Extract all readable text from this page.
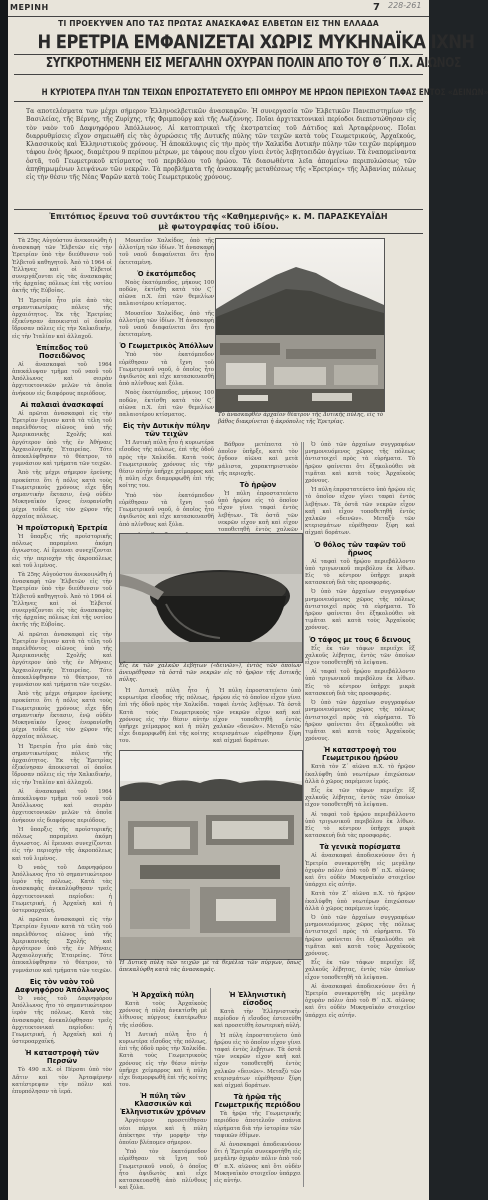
ΜΕΡΙΝΗ	7 228-261
ΤΙ ΠΡΟΕΚΥΨΕΝ ΑΠΟ ΤΑΣ ΠΡΩΤΑΣ ΑΝΑΣΚΑΦΑΣ ΕΛΒΕΤΩΝ ΕΙΣ ΤΗΝ ΕΛΛΑΔΑ
Η ΕΡΕΤΡΙΑ ΕΜΦΑΝΙΖΕΤΑΙ ΧΩΡΙΣ ΜΥΚΗΝΑΪΚΑ ΙΧΝΗ
ΣΥΓΚΡΟΤΗΜΕΝΗ ΕΙΣ ΜΕΓΑΛΗΝ ΟΧΥΡΑΝ ΠΟΛΙΝ ΑΠΟ ΤΟΥ Θ΄ Π.Χ. ΑΙΩΝΟΣ
Η ΚΥΡΙΟΤΕΡΑ ΠΥΛΗ ΤΩΝ ΤΕΙΧΩΝ ΕΠΡΟΣΤΑΤΕΥΕΤΟ ΕΠΙ ΟΜΗΡΟΥ ΜΕ ΗΡΩΟΝ ΠΕΡΙΕΧΟΝ ΤΑΦΑΣ ΕΝΤΟΣ «ΔΕΙΝΩΝ»
Τα αποτελέσματα των μέχρι σήμερον Ἑλληνοελβετικῶν ἀνασκαφῶν. Ἡ συνεργασία τῶν Ἑλβετικῶν Πανεπιστημίων τῆς Βασιλείας, τῆς Βέρνης, τῆς Ζυρίχης, τῆς Φριμπούργ καὶ τῆς Λωζάννης. Ποῖαι ἀρχιτεκτονικαὶ περίοδοι διεπιστώθησαν εἰς τὸν ναὸν τοῦ Δαφνηφόρου Ἀπόλλωνος. Αἱ κατοπτρικαὶ τῆς ἐκστρατείας τοῦ Δάτιδος καὶ Ἀρταφέρνους. Ποῖαι διαρρυθμίσεις εἴχον σημειωθῆ εἰς τὰς ὀχυρώσεις τῆς Δυτικῆς πύλης τῶν τειχῶν κατὰ τοὺς Γεωμετρικούς, Ἀρχαϊκούς, Κλασσικοὺς καὶ Ἑλληνιστικοὺς χρόνους. Ἡ ἀποκάλυψις εἰς τὴν πρὸς τὴν Χαλκίδα Δυτικὴν πύλην τῶν τειχῶν περίφημου τάφου ἐνὸς ἥρωος, διαμέτρου 9 περίπου μέτρων, με τάφους που εἶχον γίνει ἐντὸς λεβητοειδῶν ἀγγείων. Τὰ ἐναπομείναντα ὀστᾶ, τοῦ Γεωμετρικοῦ κτίσματος τοῦ περιβόλου τοῦ ἡρώου. Τὰ διασωθέντα λεῖα ἀπομείνω περιπυλώσεως τῶν ἀπηθημωμένων λειψάνων τῶν νεκρῶν. Τὰ προβλήματα τῆς ἀνασκαφῆς μεταθέσεως τῆς «Ἐρετρίας» τῆς Ἀλβανίας πόλεως εἰς τὴν θέσιν τῆς Νέας Ψαρῶν κατὰ τοὺς Γεωμετρικοὺς χρόνους.
Ἐπιτόπιος ἔρευνα τοῦ συντάκτου τῆς «Καθημερινῆς» κ. Μ. ΠΑΡΑΣΚΕΥΑΪΔΗ
μὲ φωτογραφίας τοῦ ἰδίου.

Τὰ 25ης Αὐγούστου ἀνεκοινώθη ἡ ἀνασκαφὴ τῶν Ἐλβετῶν εἰς τὴν Ἐρετρίαν ὑπὸ τὴν διεύθυνσιν τοῦ Ἑλβετοῦ καθηγητοῦ. Ἀπὸ τὸ 1964 οἱ Ἕλληνες καὶ οἱ Ἐλβετοί συνεργάζονται εἰς τὰς ἀνασκαφὰς τῆς ἀρχαίας πόλεως ἐπὶ τῆς νοτίου ἀκτῆς τῆς Εὐβοίας.

Ἡ Ἐρετρία ἦτο μία ἀπὸ τὰς σημαντικωτέρας πόλεις τῆς ἀρχαιότητος. Ἐκ τῆς Ἐρετρίας ἐξεκίνησαν ἀποικισταὶ οἱ ὁποῖοι ἵδρυσαν πόλεις εἰς τὴν Χαλκιδικήν, εἰς τὴν Ἰταλίαν καὶ ἀλλαχοῦ.

Ἐπίπεδος τοῦ Ποσειδῶνος

Αἱ ἀνασκαφαὶ τοῦ 1964 ἀπεκάλυψαν τμῆμα τοῦ ναοῦ τοῦ Ἀπόλλωνος καὶ σειρὰν ἀρχιτεκτονικῶν μελῶν τὰ ὁποῖα ἀνήκουν εἰς διαφόρους περιόδους.

Αἱ παλαιαὶ ἀνασκαφαί

Αἱ πρῶται ἀνασκαφαὶ εἰς τὴν Ἐρετρίαν ἔγιναν κατὰ τὰ τέλη τοῦ παρελθόντος αἰῶνος ὑπὸ τῆς Ἀμερικανικῆς Σχολῆς καὶ ἀργότερον ὑπὸ τῆς ἐν Ἀθήναις Ἀρχαιολογικῆς Ἑταιρείας. Τότε ἀπεκαλύφθησαν τὸ θέατρον, τὸ γυμνάσιον καὶ τμήματα τῶν τειχῶν.

Ἀπὸ τῆς μέχρι σήμερον ἐρεύνης προκύπτει ὅτι ἡ πόλις κατὰ τοὺς Γεωμετρικοὺς χρόνους εἶχε ἤδη σημαντικὴν ἔκτασιν, ἐνῷ οὐδὲν Μυκηναϊκὸν ἴχνος ἐνεφανίσθη μέχρι τοῦδε εἰς τὸν χῶρον τῆς ἀρχαίας πόλεως.

Ἡ προϊστορικὴ Ἐρετρία

Ἡ ὕπαρξις τῆς προϊστορικῆς πόλεως παραμένει ἀκόμη ἄγνωστος. Αἱ ἔρευναι συνεχίζονται εἰς τὴν περιοχὴν τῆς ἀκροπόλεως καὶ τοῦ λιμένος.

Τὰ 25ης Αὐγούστου ἀνεκοινώθη ἡ ἀνασκαφὴ τῶν Ἐλβετῶν εἰς τὴν Ἐρετρίαν ὑπὸ τὴν διεύθυνσιν τοῦ Ἑλβετοῦ καθηγητοῦ. Ἀπὸ τὸ 1964 οἱ Ἕλληνες καὶ οἱ Ἐλβετοί συνεργάζονται εἰς τὰς ἀνασκαφὰς τῆς ἀρχαίας πόλεως ἐπὶ τῆς νοτίου ἀκτῆς τῆς Εὐβοίας.

Αἱ πρῶται ἀνασκαφαὶ εἰς τὴν Ἐρετρίαν ἔγιναν κατὰ τὰ τέλη τοῦ παρελθόντος αἰῶνος ὑπὸ τῆς Ἀμερικανικῆς Σχολῆς καὶ ἀργότερον ὑπὸ τῆς ἐν Ἀθήναις Ἀρχαιολογικῆς Ἑταιρείας. Τότε ἀπεκαλύφθησαν τὸ θέατρον, τὸ γυμνάσιον καὶ τμήματα τῶν τειχῶν.

Ἀπὸ τῆς μέχρι σήμερον ἐρεύνης προκύπτει ὅτι ἡ πόλις κατὰ τοὺς Γεωμετρικοὺς χρόνους εἶχε ἤδη σημαντικὴν ἔκτασιν, ἐνῷ οὐδὲν Μυκηναϊκὸν ἴχνος ἐνεφανίσθη μέχρι τοῦδε εἰς τὸν χῶρον τῆς ἀρχαίας πόλεως.

Ἡ Ἐρετρία ἦτο μία ἀπὸ τὰς σημαντικωτέρας πόλεις τῆς ἀρχαιότητος. Ἐκ τῆς Ἐρετρίας ἐξεκίνησαν ἀποικισταὶ οἱ ὁποῖοι ἵδρυσαν πόλεις εἰς τὴν Χαλκιδικήν, εἰς τὴν Ἰταλίαν καὶ ἀλλαχοῦ.

Αἱ ἀνασκαφαὶ τοῦ 1964 ἀπεκάλυψαν τμῆμα τοῦ ναοῦ τοῦ Ἀπόλλωνος καὶ σειρὰν ἀρχιτεκτονικῶν μελῶν τὰ ὁποῖα ἀνήκουν εἰς διαφόρους περιόδους.

Ἡ ὕπαρξις τῆς προϊστορικῆς πόλεως παραμένει ἀκόμη ἄγνωστος. Αἱ ἔρευναι συνεχίζονται εἰς τὴν περιοχὴν τῆς ἀκροπόλεως καὶ τοῦ λιμένος.

Ὁ ναὸς τοῦ Δαφνηφόρου Ἀπόλλωνος ἦτο τὸ σημαντικώτερον ἱερὸν τῆς πόλεως. Κατὰ τὰς ἀνασκαφὰς ἀνεκαλύφθησαν τρεῖς ἀρχιτεκτονικαὶ περίοδοι: ἡ Γεωμετρική, ἡ Ἀρχαϊκὴ καὶ ἡ ὑστεροαρχαϊκή.

Αἱ πρῶται ἀνασκαφαὶ εἰς τὴν Ἐρετρίαν ἔγιναν κατὰ τὰ τέλη τοῦ παρελθόντος αἰῶνος ὑπὸ τῆς Ἀμερικανικῆς Σχολῆς καὶ ἀργότερον ὑπὸ τῆς ἐν Ἀθήναις Ἀρχαιολογικῆς Ἑταιρείας. Τότε ἀπεκαλύφθησαν τὸ θέατρον, τὸ γυμνάσιον καὶ τμήματα τῶν τειχῶν.

Εἰς τὸν ναὸν τοῦ Δαφνηφόρου Ἀπόλλωνος

Ὁ ναὸς τοῦ Δαφνηφόρου Ἀπόλλωνος ἦτο τὸ σημαντικώτερον ἱερὸν τῆς πόλεως. Κατὰ τὰς ἀνασκαφὰς ἀνεκαλύφθησαν τρεῖς ἀρχιτεκτονικαὶ περίοδοι: ἡ Γεωμετρική, ἡ Ἀρχαϊκὴ καὶ ἡ ὑστεροαρχαϊκή.

Ἡ καταστροφὴ τῶν Περσῶν

Τὸ 490 π.Χ. οἱ Πέρσαι ὑπὸ τὸν Δᾶτιν καὶ τὸν Ἀρταφέρνην κατέστρεψαν τὴν πόλιν καὶ ἐπυρπόλησαν τὰ ἱερά.

Μουσεῖον Χαλκίδος, ὁπὸ τῆς ἀλλοτίμη τῶν ἰδίων. Ἡ ἀνασκαφὴ τοῦ ναοῦ διαφαίνεται ὅτι ἦτο ἐκτεταμένη.

Ὁ ἑκατόμπεδος

Ναὸς ἑκατόμπεδος, μήκους 100 ποδῶν, ἐκτίσθη κατὰ τὸν Ϛ΄ αἰῶνα π.Χ. ἐπὶ τῶν θεμελίων παλαιοτέρου κτίσματος.

Μουσεῖον Χαλκίδος, ὁπὸ τῆς ἀλλοτίμη τῶν ἰδίων. Ἡ ἀνασκαφὴ τοῦ ναοῦ διαφαίνεται ὅτι ἦτο ἐκτεταμένη.

Ὁ Γεωμετρικὸς Ἀπόλλων

Ὑπὸ τὸν ἑκατόμπεδον εὑρέθησαν τὰ ἴχνη τοῦ Γεωμετρικοῦ ναοῦ, ὁ ὁποῖος ἦτο ἀψιδωτὸς καὶ εἶχε κατασκευασθῆ ἀπὸ πλίνθους καὶ ξύλα.

Ναὸς ἑκατόμπεδος, μήκους 100 ποδῶν, ἐκτίσθη κατὰ τὸν Ϛ΄ αἰῶνα π.Χ. ἐπὶ τῶν θεμελίων παλαιοτέρου κτίσματος.

Εἰς τὴν Δυτικὴν πύλην τῶν τειχῶν

Ἡ Δυτικὴ πύλη ἦτο ἡ κυριωτέρα εἴσοδος τῆς πόλεως, ἐπὶ τῆς ὁδοῦ πρὸς τὴν Χαλκίδα. Κατὰ τοὺς Γεωμετρικοὺς χρόνους εἰς τὴν θέσιν αὐτὴν ὑπῆρχε χείμαρρος καὶ ἡ πύλη εἶχε διαμορφωθῆ ἐπὶ τῆς κοίτης του.

Ὑπὸ τὸν ἑκατόμπεδον εὑρέθησαν τὰ ἴχνη τοῦ Γεωμετρικοῦ ναοῦ, ὁ ὁποῖος ἦτο ἀψιδωτὸς καὶ εἶχε κατασκευασθῆ ἀπὸ πλίνθους καὶ ξύλα.

Τὸ ἀνασκαφθὲν ἀρχαῖον θέατρον τῆς Δυτικῆς πύλης, εἰς τὸ βάθος διακρίνεται ἡ ἀκρόπολις τῆς Ἐρετρίας.

Βάθρον μετέπειτα τὸ ὁποῖον ὑπῆρξε, κατὰ τὸν ὄγδοον αἰῶνα καὶ μετὰ μάλιστα, χαρακτηριστικὸν τῆς περιοχῆς.

Τὸ ἡρῷον

Ἡ πύλη ἐπροστατεύετο ὑπὸ ἡρῴου εἰς τὸ ὁποῖον εἶχον γίνει ταφαὶ ἐντὸς λεβήτων. Τὰ ὀστᾶ τῶν νεκρῶν εἶχον καῆ καὶ εἶχον τοποθετηθῆ ἐντὸς χαλκῶν

Ὁ ὑπὸ τῶν ἀρχαίων συγγραφέων μνημονευόμενος χῶρος τῆς πόλεως ἀντιστοιχεῖ πρὸς τὰ εὑρήματα. Τὸ ἡρῷον φαίνεται ὅτι ἐξηκολούθει νὰ τιμᾶται καὶ κατὰ τοὺς Ἀρχαϊκοὺς χρόνους.

Ἡ πύλη ἐπροστατεύετο ὑπὸ ἡρῴου εἰς τὸ ὁποῖον εἶχον γίνει ταφαὶ ἐντὸς λεβήτων. Τὰ ὀστᾶ τῶν νεκρῶν εἶχον καῆ καὶ εἶχον τοποθετηθῆ ἐντὸς χαλκῶν «δεινῶν». Μεταξὺ τῶν κτερισμάτων εὑρέθησαν ξίφη καὶ αἰχμαὶ δοράτων.

Ὁ θόλος τῶν ταφῶν τοῦ ἥρωος

Αἱ ταφαὶ τοῦ ἡρῴου περιεβάλλοντο ὑπὸ τριγωνικοῦ περιβόλου ἐκ λίθων. Εἰς τὸ κέντρον ὑπῆρχε μικρὰ κατασκευὴ διὰ τὰς προσφοράς.

Ὁ ὑπὸ τῶν ἀρχαίων συγγραφέων μνημονευόμενος χῶρος τῆς πόλεως ἀντιστοιχεῖ πρὸς τὰ εὑρήματα. Τὸ ἡρῷον φαίνεται ὅτι ἐξηκολούθει νὰ τιμᾶται καὶ κατὰ τοὺς Ἀρχαϊκοὺς χρόνους.

Ὁ τάφος με τους 6 δεινους

Εἷς ἐκ τῶν τάφων περιεῖχε ἓξ χαλκοῦς λέβητας, ἐντὸς τῶν ὁποίων εἶχον τοποθετηθῆ τὰ λείψανα.

Αἱ ταφαὶ τοῦ ἡρῴου περιεβάλλοντο ὑπὸ τριγωνικοῦ περιβόλου ἐκ λίθων. Εἰς τὸ κέντρον ὑπῆρχε μικρὰ κατασκευὴ διὰ τὰς προσφοράς.

Ὁ ὑπὸ τῶν ἀρχαίων συγγραφέων μνημονευόμενος χῶρος τῆς πόλεως ἀντιστοιχεῖ πρὸς τὰ εὑρήματα. Τὸ ἡρῷον φαίνεται ὅτι ἐξηκολούθει νὰ τιμᾶται καὶ κατὰ τοὺς Ἀρχαϊκοὺς χρόνους.

Ἡ καταστροφὴ του Γεωμετρικου ἡρώου

Κατὰ τὸν Ζ΄ αἰῶνα π.Χ. τὸ ἡρῷον ἐκαλύφθη ὑπὸ νεωτέρων ἐπιχώσεων ἀλλὰ ὁ χῶρος παρέμεινε ἱερός.

Εἷς ἐκ τῶν τάφων περιεῖχε ἓξ χαλκοῦς λέβητας, ἐντὸς τῶν ὁποίων εἶχον τοποθετηθῆ τὰ λείψανα.

Αἱ ταφαὶ τοῦ ἡρῴου περιεβάλλοντο ὑπὸ τριγωνικοῦ περιβόλου ἐκ λίθων. Εἰς τὸ κέντρον ὑπῆρχε μικρὰ κατασκευὴ διὰ τὰς προσφοράς.

Τὰ γενικὰ πορίσματα

Αἱ ἀνασκαφαὶ ἀποδεικνύουν ὅτι ἡ Ἐρετρία συνεκροτήθη εἰς μεγάλην ὀχυρὰν πόλιν ἀπὸ τοῦ Θ΄ π.Χ. αἰῶνος καὶ ὅτι οὐδὲν Μυκηναϊκὸν στοιχεῖον ὑπάρχει εἰς αὐτήν.

Κατὰ τὸν Ζ΄ αἰῶνα π.Χ. τὸ ἡρῷον ἐκαλύφθη ὑπὸ νεωτέρων ἐπιχώσεων ἀλλὰ ὁ χῶρος παρέμεινε ἱερός.

Ὁ ὑπὸ τῶν ἀρχαίων συγγραφέων μνημονευόμενος χῶρος τῆς πόλεως ἀντιστοιχεῖ πρὸς τὰ εὑρήματα. Τὸ ἡρῷον φαίνεται ὅτι ἐξηκολούθει νὰ τιμᾶται καὶ κατὰ τοὺς Ἀρχαϊκοὺς χρόνους.

Εἷς ἐκ τῶν τάφων περιεῖχε ἓξ χαλκοῦς λέβητας, ἐντὸς τῶν ὁποίων εἶχον τοποθετηθῆ τὰ λείψανα.

Αἱ ἀνασκαφαὶ ἀποδεικνύουν ὅτι ἡ Ἐρετρία συνεκροτήθη εἰς μεγάλην ὀχυρὰν πόλιν ἀπὸ τοῦ Θ΄ π.Χ. αἰῶνος καὶ ὅτι οὐδὲν Μυκηναϊκὸν στοιχεῖον ὑπάρχει εἰς αὐτήν.

Εἷς ἐκ τῶν χαλκῶν λεβήτων («δεινῶν»), ἐντὸς τῶν ὁποίων ἀνευρέθησαν τὰ ὀστᾶ τῶν νεκρῶν εἰς τὸ ἡρῷον τῆς Δυτικῆς πύλης.

Ἡ Δυτικὴ πύλη ἦτο ἡ κυριωτέρα εἴσοδος τῆς πόλεως, ἐπὶ τῆς ὁδοῦ πρὸς τὴν Χαλκίδα. Κατὰ τοὺς Γεωμετρικοὺς χρόνους εἰς τὴν θέσιν αὐτὴν ὑπῆρχε χείμαρρος καὶ ἡ πύλη εἶχε διαμορφωθῆ ἐπὶ τῆς κοίτης του.

Ἡ πύλη ἐπροστατεύετο ὑπὸ ἡρῴου εἰς τὸ ὁποῖον εἶχον γίνει ταφαὶ ἐντὸς λεβήτων. Τὰ ὀστᾶ τῶν νεκρῶν εἶχον καῆ καὶ εἶχον τοποθετηθῆ ἐντὸς χαλκῶν «δεινῶν». Μεταξὺ τῶν κτερισμάτων εὑρέθησαν ξίφη καὶ αἰχμαὶ δοράτων.

Ἡ Δυτικὴ πύλη τῶν τειχῶν μὲ τὰ θεμέλια τῶν πύργων, ὅπως ἀπεκαλύφθη κατὰ τὰς ἀνασκαφάς.
Ἡ Ἀρχαϊκὴ πύλη

Κατὰ τοὺς Ἀρχαϊκοὺς χρόνους ἡ πύλη ἀνεκτίσθη μὲ λίθινους πύργους ἑκατέρωθεν τῆς εἰσόδου.

Ἡ Δυτικὴ πύλη ἦτο ἡ κυριωτέρα εἴσοδος τῆς πόλεως, ἐπὶ τῆς ὁδοῦ πρὸς τὴν Χαλκίδα. Κατὰ τοὺς Γεωμετρικοὺς χρόνους εἰς τὴν θέσιν αὐτὴν ὑπῆρχε χείμαρρος καὶ ἡ πύλη εἶχε διαμορφωθῆ ἐπὶ τῆς κοίτης του.

Ἡ πύλη τῶν Κλασσικῶν καὶ Ἑλληνιστικῶν χρόνων

Ἀργότερον προσετέθησαν νέοι πύργοι καὶ ἡ πύλη ἀπέκτησε τὴν μορφὴν τὴν ὁποίαν βλέπομεν σήμερον.

Ὑπὸ τὸν ἑκατόμπεδον εὑρέθησαν τὰ ἴχνη τοῦ Γεωμετρικοῦ ναοῦ, ὁ ὁποῖος ἦτο ἀψιδωτὸς καὶ εἶχε κατασκευασθῆ ἀπὸ πλίνθους καὶ ξύλα.

Ἡ Ἑλληνιστικὴ εἴσοδος

Κατὰ τὴν Ἑλληνιστικὴν περίοδον ἡ εἴσοδος ἐστενεύθη καὶ προσετέθη ἐσωτερικὴ αὐλή.

Ἡ πύλη ἐπροστατεύετο ὑπὸ ἡρῴου εἰς τὸ ὁποῖον εἶχον γίνει ταφαὶ ἐντὸς λεβήτων. Τὰ ὀστᾶ τῶν νεκρῶν εἶχον καῆ καὶ εἶχον τοποθετηθῆ ἐντὸς χαλκῶν «δεινῶν». Μεταξὺ τῶν κτερισμάτων εὑρέθησαν ξίφη καὶ αἰχμαὶ δοράτων.

Τὰ ἡρῷα τῆς Γεωμετρικῆς περιόδου

Τὰ ἡρῷα τῆς Γεωμετρικῆς περιόδου ἀποτελοῦν σπάνια εὑρήματα διὰ τὴν ἱστορίαν τῶν ταφικῶν ἐθίμων.

Αἱ ἀνασκαφαὶ ἀποδεικνύουν ὅτι ἡ Ἐρετρία συνεκροτήθη εἰς μεγάλην ὀχυρὰν πόλιν ἀπὸ τοῦ Θ΄ π.Χ. αἰῶνος καὶ ὅτι οὐδὲν Μυκηναϊκὸν στοιχεῖον ὑπάρχει εἰς αὐτήν.
